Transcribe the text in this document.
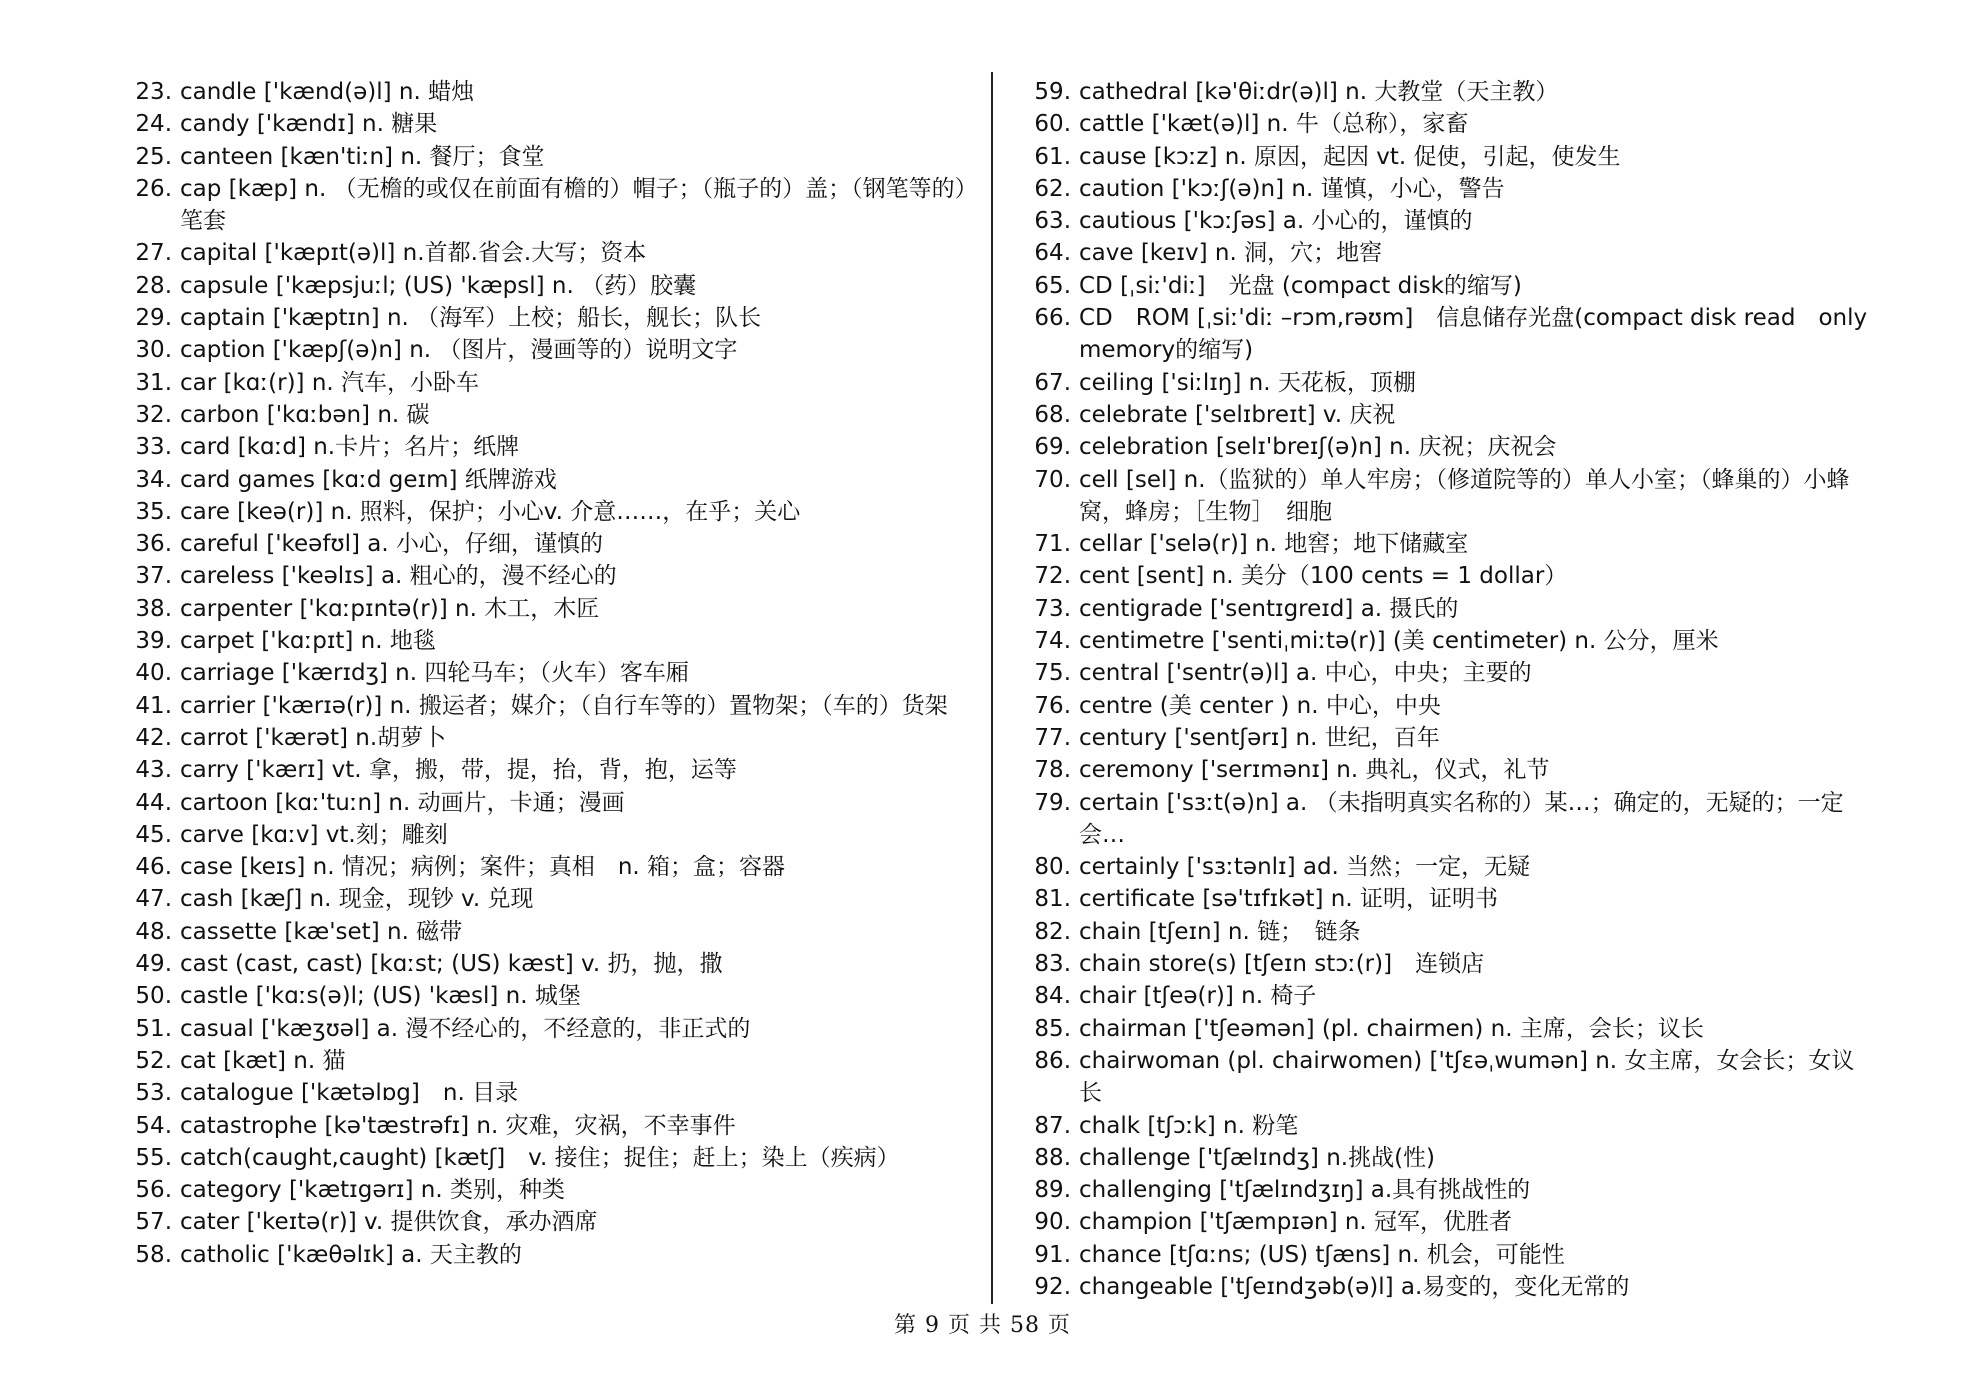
23. candle ['kænd(ə)l] n. 蜡烛
24. candy ['kændɪ] n. 糖果
25. canteen [kæn'tiːn] n. 餐厅；食堂
26. cap [kæp] n. （无檐的或仅在前面有檐的）帽子；（瓶子的）盖；（钢笔等的）笔套
27. capital ['kæpɪt(ə)l] n.首都.省会.大写；资本
28. capsule ['kæpsjuːl; (US) 'kæpsl] n. （药）胶囊
29. captain ['kæptɪn] n. （海军）上校；船长，舰长；队长
30. caption ['kæpʃ(ə)n] n. （图片，漫画等的）说明文字
31. car [kɑː(r)] n. 汽车，小卧车
32. carbon ['kɑːbən] n. 碳
33. card [kɑːd] n.卡片；名片；纸牌
34. card games [kɑːd geɪm] 纸牌游戏
35. care [keə(r)] n. 照料，保护；小心v. 介意……，在乎；关心
36. careful ['keəfʊl] a. 小心，仔细，谨慎的
37. careless ['keəlɪs] a. 粗心的，漫不经心的
38. carpenter ['kɑːpɪntə(r)] n. 木工，木匠
39. carpet ['kɑːpɪt] n. 地毯
40. carriage ['kærɪdʒ] n. 四轮马车；（火车）客车厢
41. carrier ['kærɪə(r)] n. 搬运者；媒介；（自行车等的）置物架；（车的）货架
42. carrot ['kærət] n.胡萝卜
43. carry ['kærɪ] vt. 拿，搬，带，提，抬，背，抱，运等
44. cartoon [kɑː'tuːn] n. 动画片，卡通；漫画
45. carve [kɑːv] vt.刻；雕刻
46. case [keɪs] n. 情况；病例；案件；真相　n. 箱；盒；容器
47. cash [kæʃ] n. 现金，现钞 v. 兑现
48. cassette [kæ'set] n. 磁带
49. cast (cast, cast) [kɑːst; (US) kæst] v. 扔，抛，撒
50. castle ['kɑːs(ə)l; (US) 'kæsl] n. 城堡
51. casual ['kæʒʊəl] a. 漫不经心的，不经意的，非正式的
52. cat [kæt] n. 猫
53. catalogue ['kætəlɒg]　n. 目录
54. catastrophe [kə'tæstrəfɪ] n. 灾难，灾祸，不幸事件
55. catch(caught,caught) [kætʃ]　v. 接住；捉住；赶上；染上（疾病）
56. category ['kætɪgərɪ] n. 类别，种类
57. cater ['keɪtə(r)] v. 提供饮食，承办酒席
58. catholic ['kæθəlɪk] a. 天主教的
59. cathedral [kə'θiːdr(ə)l] n. 大教堂（天主教）
60. cattle ['kæt(ə)l] n. 牛（总称），家畜
61. cause [kɔːz] n. 原因，起因 vt. 促使，引起，使发生
62. caution ['kɔːʃ(ə)n] n. 谨慎，小心，警告
63. cautious ['kɔːʃəs] a. 小心的，谨慎的
64. cave [keɪv] n. 洞，穴；地窖
65. CD [ˌsiː'diː]　光盘 (compact disk的缩写)
66. CD　ROM [ˌsiː'diː –rɔm,rəʊm]　信息储存光盘(compact disk read　only memory的缩写)
67. ceiling ['siːlɪŋ] n. 天花板，顶棚
68. celebrate ['selɪbreɪt] v. 庆祝
69. celebration [selɪ'breɪʃ(ə)n] n. 庆祝；庆祝会
70. cell [sel] n.（监狱的）单人牢房；（修道院等的）单人小室；（蜂巢的）小蜂窝，蜂房；［生物］　细胞
71. cellar ['selə(r)] n. 地窖；地下储藏室
72. cent [sent] n. 美分（100 cents = 1 dollar）
73. centigrade ['sentɪgreɪd] a. 摄氏的
74. centimetre ['sentiˌmiːtə(r)] (美 centimeter) n. 公分，厘米
75. central ['sentr(ə)l] a. 中心，中央；主要的
76. centre (美 center ) n. 中心，中央
77. century ['sentʃərɪ] n. 世纪，百年
78. ceremony ['serɪmənɪ] n. 典礼，仪式，礼节
79. certain ['sɜːt(ə)n] a. （未指明真实名称的）某…；确定的，无疑的；一定会…
80. certainly ['sɜːtənlɪ] ad. 当然；一定，无疑
81. certificate [sə'tɪfɪkət] n. 证明，证明书
82. chain [tʃeɪn] n. 链；　链条
83. chain store(s) [tʃeɪn stɔː(r)]　连锁店
84. chair [tʃeə(r)] n. 椅子
85. chairman ['tʃeəmən] (pl. chairmen) n. 主席，会长；议长
86. chairwoman (pl. chairwomen) ['tʃɛəˌwumən] n. 女主席，女会长；女议长
87. chalk [tʃɔːk] n. 粉笔
88. challenge ['tʃælɪndʒ] n.挑战(性)
89. challenging ['tʃælɪndʒɪŋ] a.具有挑战性的
90. champion ['tʃæmpɪən] n. 冠军，优胜者
91. chance [tʃɑːns; (US) tʃæns] n. 机会，可能性
92. changeable ['tʃeɪndʒəb(ə)l] a.易变的，变化无常的
第 9 页 共 58 页
